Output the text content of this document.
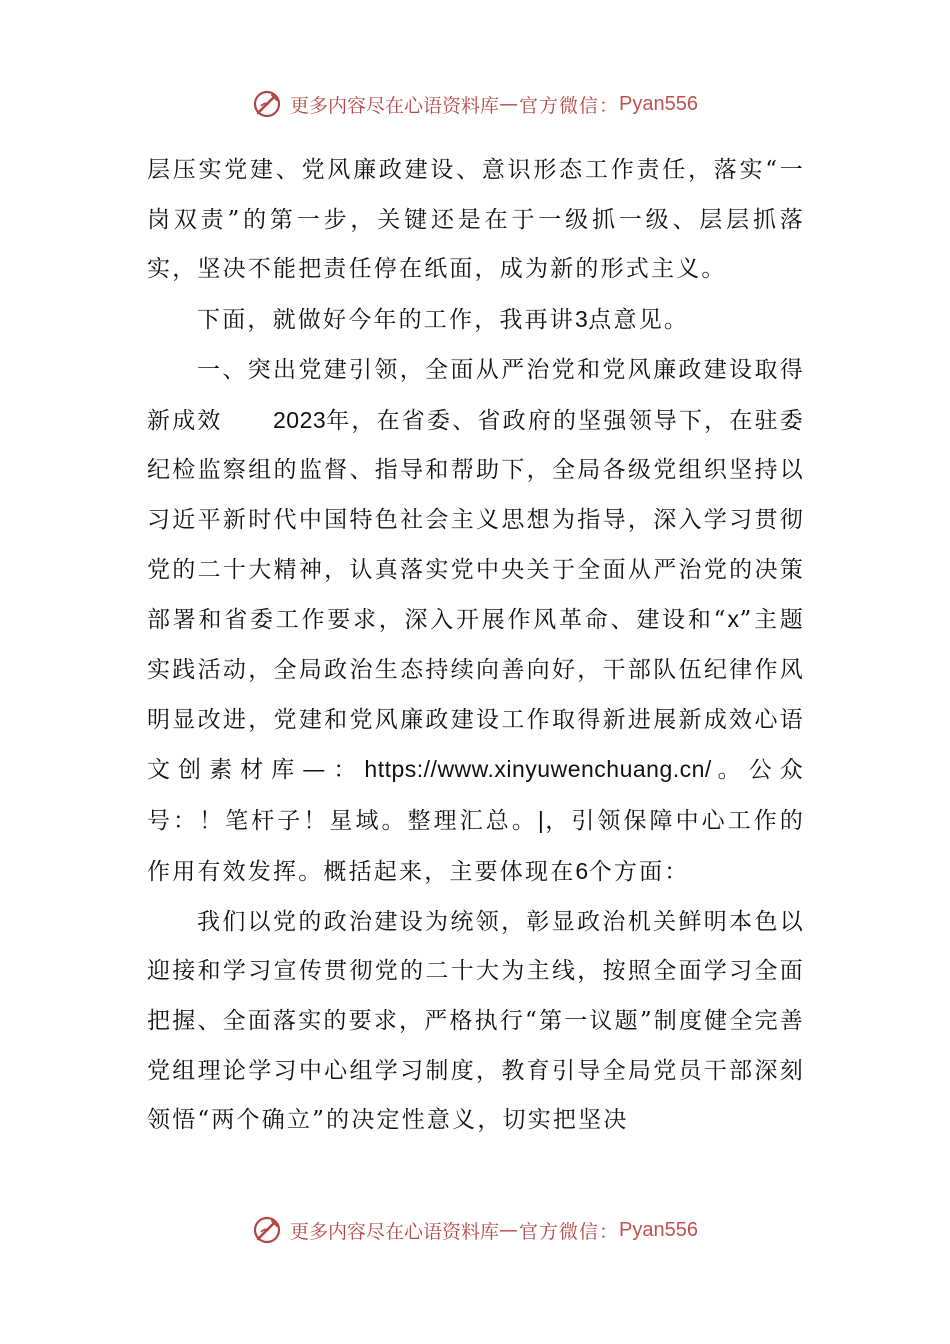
更多内容尽在心语资料库 — 官方微信： Pyan556

层压实党建、党风廉政建设、意识形态工作责任，落实“一岗双责”的第一步，关键还是在于一级抓一级、层层抓落实，坚决不能把责任停在纸面，成为新的形式主义。

下面，就做好今年的工作，我再讲3点意见。

一、突出党建引领，全面从严治党和党风廉政建设取得新成效   2023年，在省委、省政府的坚强领导下，在驻委纪检监察组的监督、指导和帮助下，全局各级党组织坚持以习近平新时代中国特色社会主义思想为指导，深入学习贯彻党的二十大精神，认真落实党中央关于全面从严治党的决策部署和省委工作要求，深入开展作风革命、建设和“x”主题实践活动，全局政治生态持续向善向好，干部队伍纪律作风明显改进，党建和党风廉政建设工作取得新进展新成效心语文创素材库—：https://www.xinyuwenchuang.cn/。公众号：！笔杆子！星域。整理汇总。|，引领保障中心工作的作用有效发挥。概括起来，主要体现在6个方面：

我们以党的政治建设为统领，彰显政治机关鲜明本色以迎接和学习宣传贯彻党的二十大为主线，按照全面学习全面把握、全面落实的要求，严格执行“第一议题”制度健全完善党组理论学习中心组学习制度，教育引导全局党员干部深刻领悟“两个确立”的决定性意义，切实把坚决

更多内容尽在心语资料库 — 官方微信： Pyan556
